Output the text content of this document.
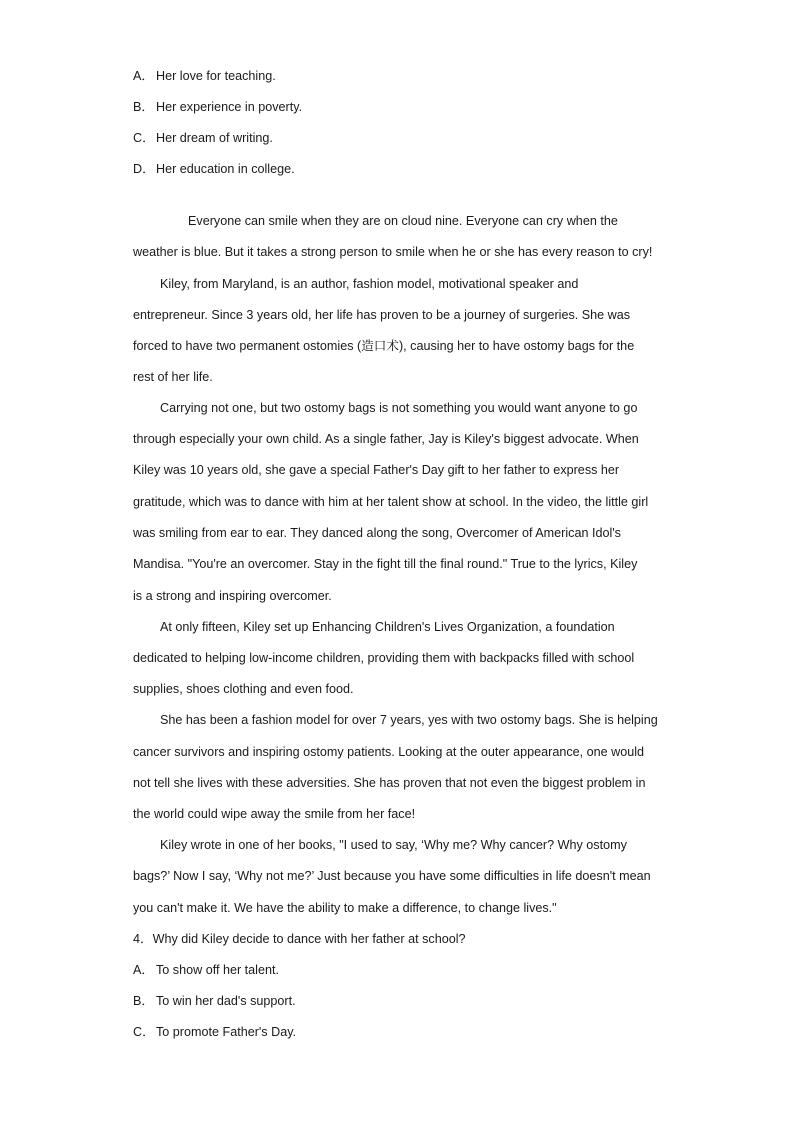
A． Her love for teaching.
B． Her experience in poverty.
C．Her dream of writing.
D．Her education in college.
Everyone can smile when they are on cloud nine. Everyone can cry when the
weather is blue. But it takes a strong person to smile when he or she has every reason to cry!
Kiley, from Maryland, is an author, fashion model, motivational speaker and
entrepreneur. Since 3 years old, her life has proven to be a journey of surgeries. She was
forced to have two permanent ostomies (造口术), causing her to have ostomy bags for the
rest of her life.
Carrying not one, but two ostomy bags is not something you would want anyone to go
through especially your own child. As a single father, Jay is Kiley's biggest advocate. When
Kiley was 10 years old, she gave a special Father's Day gift to her father to express her
gratitude, which was to dance with him at her talent show at school. In the video, the little girl
was smiling from ear to ear. They danced along the song, Overcomer of American Idol's
Mandisa. "You're an overcomer. Stay in the fight till the final round." True to the lyrics, Kiley
is a strong and inspiring overcomer.
At only fifteen, Kiley set up Enhancing Children's Lives Organization, a foundation
dedicated to helping low-income children, providing them with backpacks filled with school
supplies, shoes clothing and even food.
She has been a fashion model for over 7 years, yes with two ostomy bags. She is helping
cancer survivors and inspiring ostomy patients. Looking at the outer appearance, one would
not tell she lives with these adversities. She has proven that not even the biggest problem in
the world could wipe away the smile from her face!
Kiley wrote in one of her books, "I used to say, ‘Why me? Why cancer? Why ostomy
bags?’ Now I say, ‘Why not me?’ Just because you have some difficulties in life doesn't mean
you can't make it. We have the ability to make a difference, to change lives."
4．Why did Kiley decide to dance with her father at school?
A． To show off her talent.
B． To win her dad's support.
C．To promote Father's Day.
